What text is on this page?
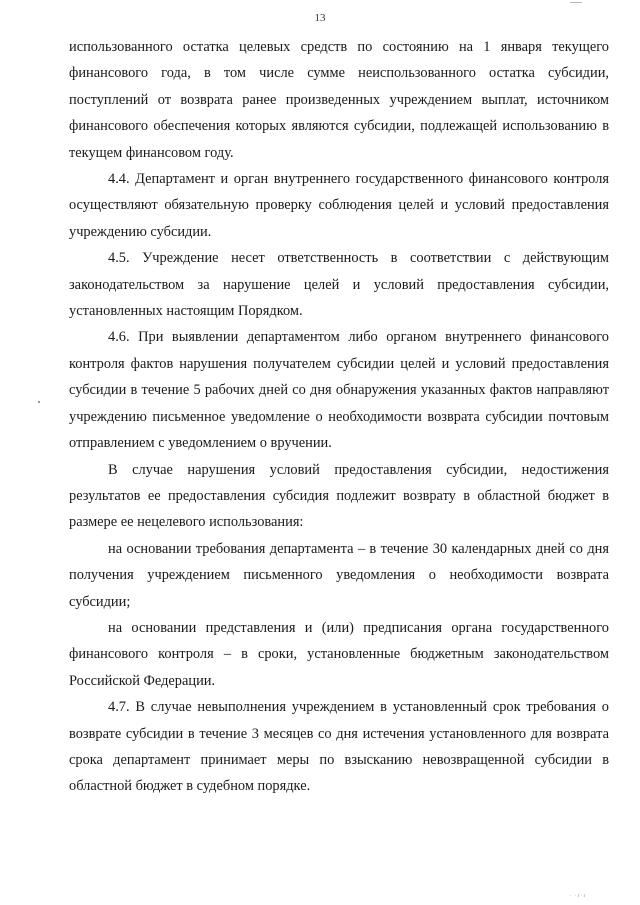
13

использованного остатка целевых средств по состоянию на 1 января текущего финансового года, в том числе сумме неиспользованного остатка субсидии, поступлений от возврата ранее произведенных учреждением выплат, источником финансового обеспечения которых являются субсидии, подлежащей использованию в текущем финансовом году.

4.4. Департамент и орган внутреннего государственного финансового контроля осуществляют обязательную проверку соблюдения целей и условий предоставления учреждению субсидии.

4.5. Учреждение несет ответственность в соответствии с действующим законодательством за нарушение целей и условий предоставления субсидии, установленных настоящим Порядком.

4.6. При выявлении департаментом либо органом внутреннего финансового контроля фактов нарушения получателем субсидии целей и условий предоставления субсидии в течение 5 рабочих дней со дня обнаружения указанных фактов направляют учреждению письменное уведомление о необходимости возврата субсидии почтовым отправлением с уведомлением о вручении.

В случае нарушения условий предоставления субсидии, недостижения результатов ее предоставления субсидия подлежит возврату в областной бюджет в размере ее нецелевого использования:

на основании требования департамента – в течение 30 календарных дней со дня получения учреждением письменного уведомления о необходимости возврата субсидии;

на основании представления и (или) предписания органа государственного финансового контроля – в сроки, установленные бюджетным законодательством Российской Федерации.

4.7. В случае невыполнения учреждением в установленный срок требования о возврате субсидии в течение 3 месяцев со дня истечения установленного для возврата срока департамент принимает меры по взысканию невозвращенной субсидии в областной бюджет в судебном порядке.

· ·ı·ı
